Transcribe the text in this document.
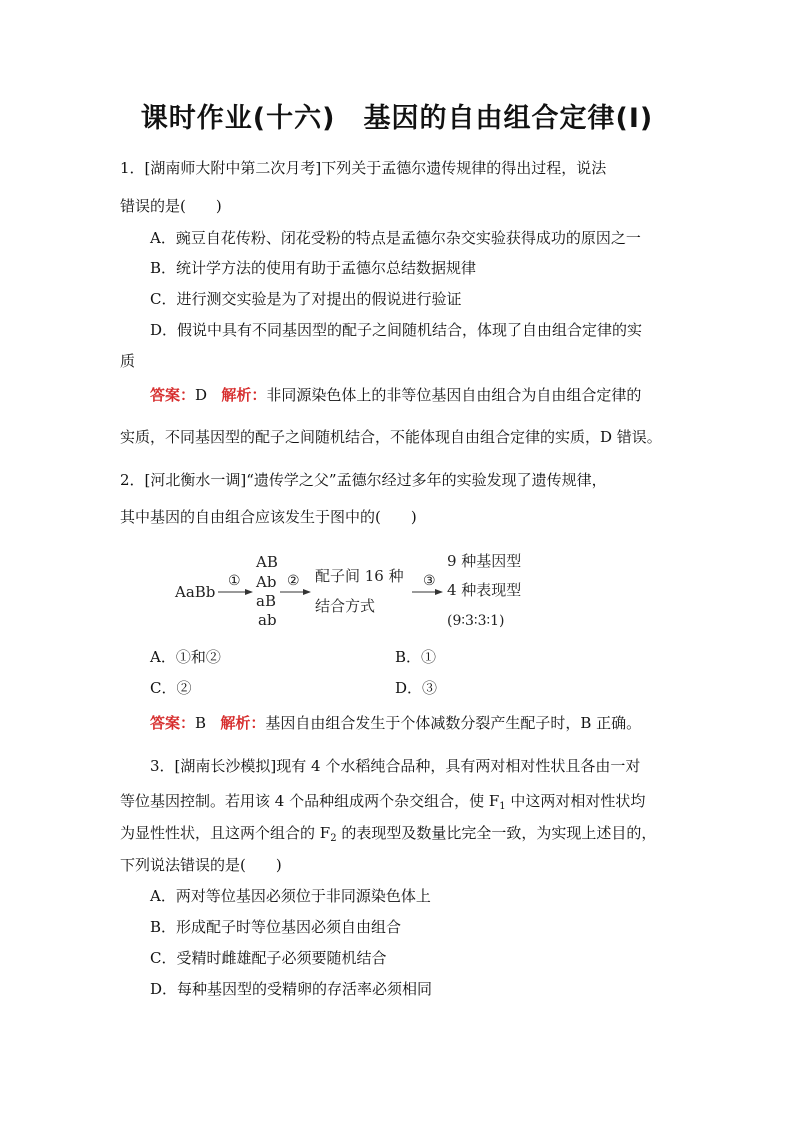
课时作业(十六)　基因的自由组合定律(Ⅰ)
1．[湖南师大附中第二次月考]下列关于孟德尔遗传规律的得出过程，说法
错误的是(　　)
A．豌豆自花传粉、闭花受粉的特点是孟德尔杂交实验获得成功的原因之一
B．统计学方法的使用有助于孟德尔总结数据规律
C．进行测交实验是为了对提出的假说进行验证
D．假说中具有不同基因型的配子之间随机结合，体现了自由组合定律的实
质
答案：D 解析：非同源染色体上的非等位基因自由组合为自由组合定律的
实质，不同基因型的配子之间随机结合，不能体现自由组合定律的实质，D 错误。
2．[河北衡水一调]“遗传学之父”孟德尔经过多年的实验发现了遗传规律，
其中基因的自由组合应该发生于图中的(　　)
AaBb
①
AB
Ab
aB
ab
② 配子间 16 种
结合方式
③
9 种基因型
4 种表现型
(9∶3∶3∶1)
A．①和②	B．①
C．②	D．③
答案：B 解析：基因自由组合发生于个体减数分裂产生配子时，B 正确。
3．[湖南长沙模拟]现有 4 个水稻纯合品种，具有两对相对性状且各由一对
等位基因控制。若用该 4 个品种组成两个杂交组合，使 $F_1$ 中这两对相对性状均
为显性性状，且这两个组合的 $F_2$ 的表现型及数量比完全一致，为实现上述目的，
下列说法错误的是(　　)
A．两对等位基因必须位于非同源染色体上
B．形成配子时等位基因必须自由组合
C．受精时雌雄配子必须要随机结合
D．每种基因型的受精卵的存活率必须相同
